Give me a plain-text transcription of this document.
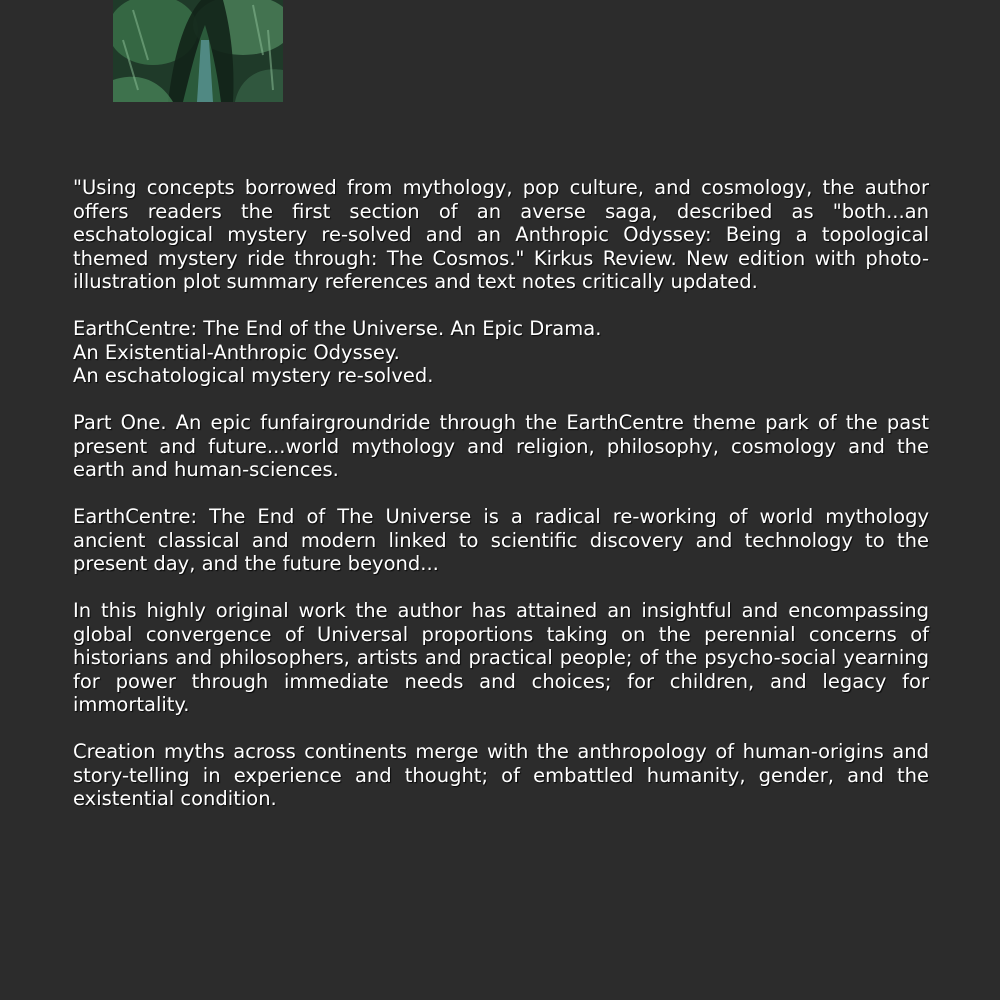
"Using concepts borrowed from mythology, pop culture, and cosmology, the author offers readers the first section of an averse saga, described as "both...an eschatological mystery re-solved and an Anthropic Odyssey: Being a topological themed mystery ride through: The Cosmos." Kirkus Review. New edition with photo-illustration plot summary references and text notes critically updated.

EarthCentre: The End of the Universe. An Epic Drama.
An Existential-Anthropic Odyssey.
An eschatological mystery re-solved.

Part One. An epic funfairgroundride through the EarthCentre theme park of the past present and future...world mythology and religion, philosophy, cosmology and the earth and human-sciences.

EarthCentre: The End of The Universe is a radical re-working of world mythology ancient classical and modern linked to scientific discovery and technology to the present day, and the future beyond...

In this highly original work the author has attained an insightful and encompassing global convergence of Universal proportions taking on the perennial concerns of historians and philosophers, artists and practical people; of the psycho-social yearning for power through immediate needs and choices; for children, and legacy for immortality.

Creation myths across continents merge with the anthropology of human-origins and story-telling in experience and thought; of embattled humanity, gender, and the existential condition.
